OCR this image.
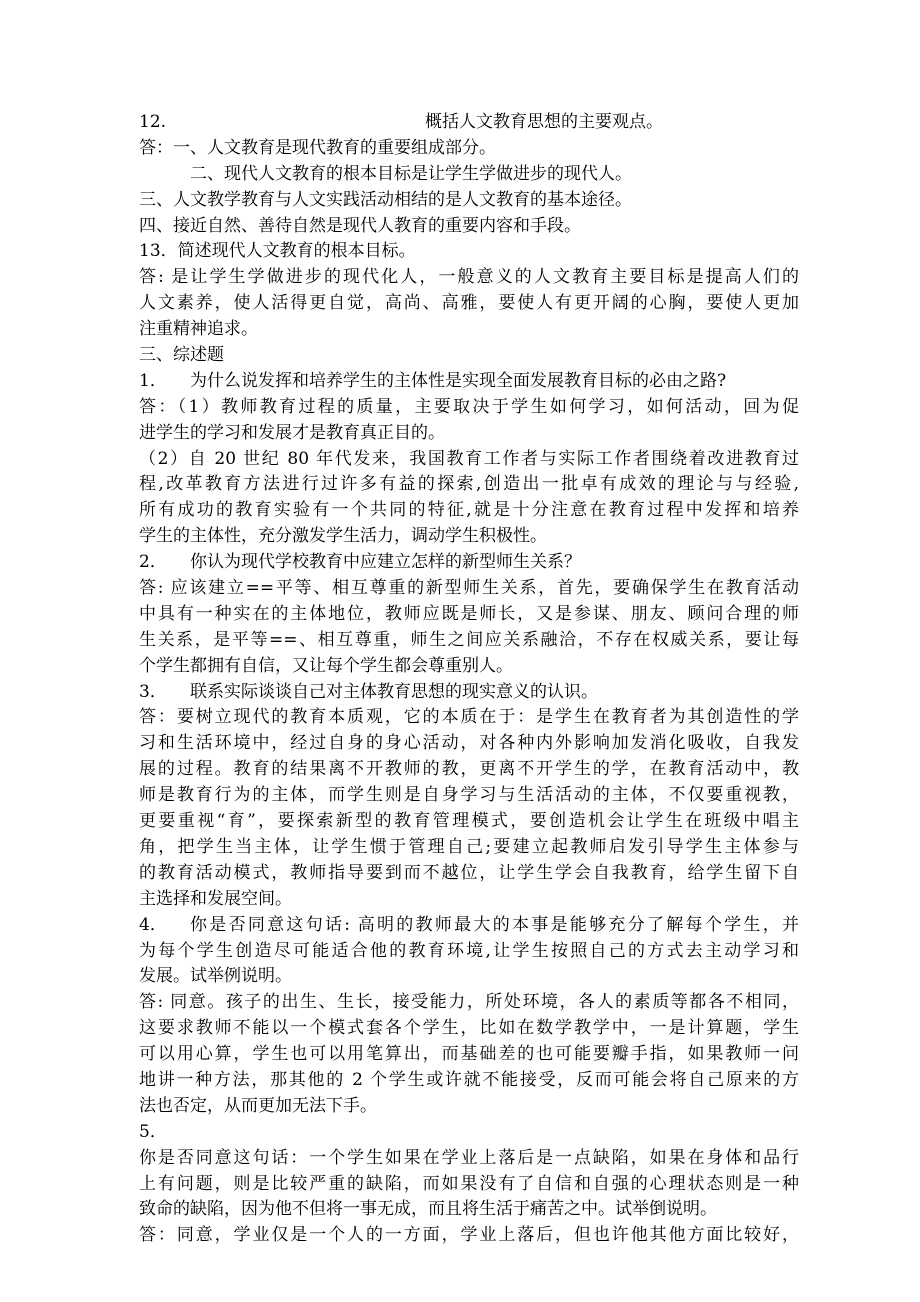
12.	概括人文教育思想的主要观点。
答：一、人文教育是现代教育的重要组成部分。
二、现代人文教育的根本目标是让学生学做进步的现代人。
三、人文教学教育与人文实践活动相结的是人文教育的基本途径。
四、接近自然、善待自然是现代人教育的重要内容和手段。
13．简述现代人文教育的根本目标。
答: 是让学生学做进步的现代化人，一般意义的人文教育主要目标是提高人们的
人文素养，使人活得更自觉，高尚、高雅，要使人有更开阔的心胸，要使人更加
注重精神追求。
三、综述题
1． 为什么说发挥和培养学生的主体性是实现全面发展教育目标的必由之路?
答：（1）教师教育过程的质量，主要取决于学生如何学习，如何活动，回为促
进学生的学习和发展才是教育真正目的。
（2）自 20 世纪 80 年代发来，我国教育工作者与实际工作者围绕着改进教育过
程,改革教育方法进行过许多有益的探索,创造出一批卓有成效的理论与与经验,
所有成功的教育实验有一个共同的特征,就是十分注意在教育过程中发挥和培养
学生的主体性，充分激发学生活力，调动学生积极性。
2． 你认为现代学校教育中应建立怎样的新型师生关系？
答: 应该建立==平等、相互尊重的新型师生关系，首先，要确保学生在教育活动
中具有一种实在的主体地位，教师应既是师长，又是参谋、朋友、顾问合理的师
生关系，是平等==、相互尊重，师生之间应关系融洽，不存在权威关系，要让每
个学生都拥有自信，又让每个学生都会尊重别人。
3． 联系实际谈谈自己对主体教育思想的现实意义的认识。
答：要树立现代的教育本质观，它的本质在于：是学生在教育者为其创造性的学
习和生活环境中，经过自身的身心活动，对各种内外影响加发消化吸收，自我发
展的过程。教育的结果离不开教师的教，更离不开学生的学，在教育活动中，教
师是教育行为的主体，而学生则是自身学习与生活活动的主体，不仅要重视教，
更要重视“育”，要探索新型的教育管理模式，要创造机会让学生在班级中唱主
角，把学生当主体，让学生惯于管理自己;要建立起教师启发引导学生主体参与
的教育活动模式，教师指导要到而不越位，让学生学会自我教育，给学生留下自
主选择和发展空间。
4． 你是否同意这句话: 高明的教师最大的本事是能够充分了解每个学生，并
为每个学生创造尽可能适合他的教育环境,让学生按照自己的方式去主动学习和
发展。试举例说明。
答: 同意。孩子的出生、生长，接受能力，所处环境，各人的素质等都各不相同，
这要求教师不能以一个模式套各个学生，比如在数学教学中，一是计算题，学生
可以用心算，学生也可以用笔算出，而基础差的也可能要瓣手指，如果教师一问
地讲一种方法，那其他的 2 个学生或许就不能接受，反而可能会将自己原来的方
法也否定，从而更加无法下手。
5．
你是否同意这句话：一个学生如果在学业上落后是一点缺陷，如果在身体和品行
上有问题，则是比较严重的缺陷，而如果没有了自信和自强的心理状态则是一种
致命的缺陷，因为他不但将一事无成，而且将生活于痛苦之中。试举倒说明。
答：同意，学业仅是一个人的一方面，学业上落后，但也许他其他方面比较好，
